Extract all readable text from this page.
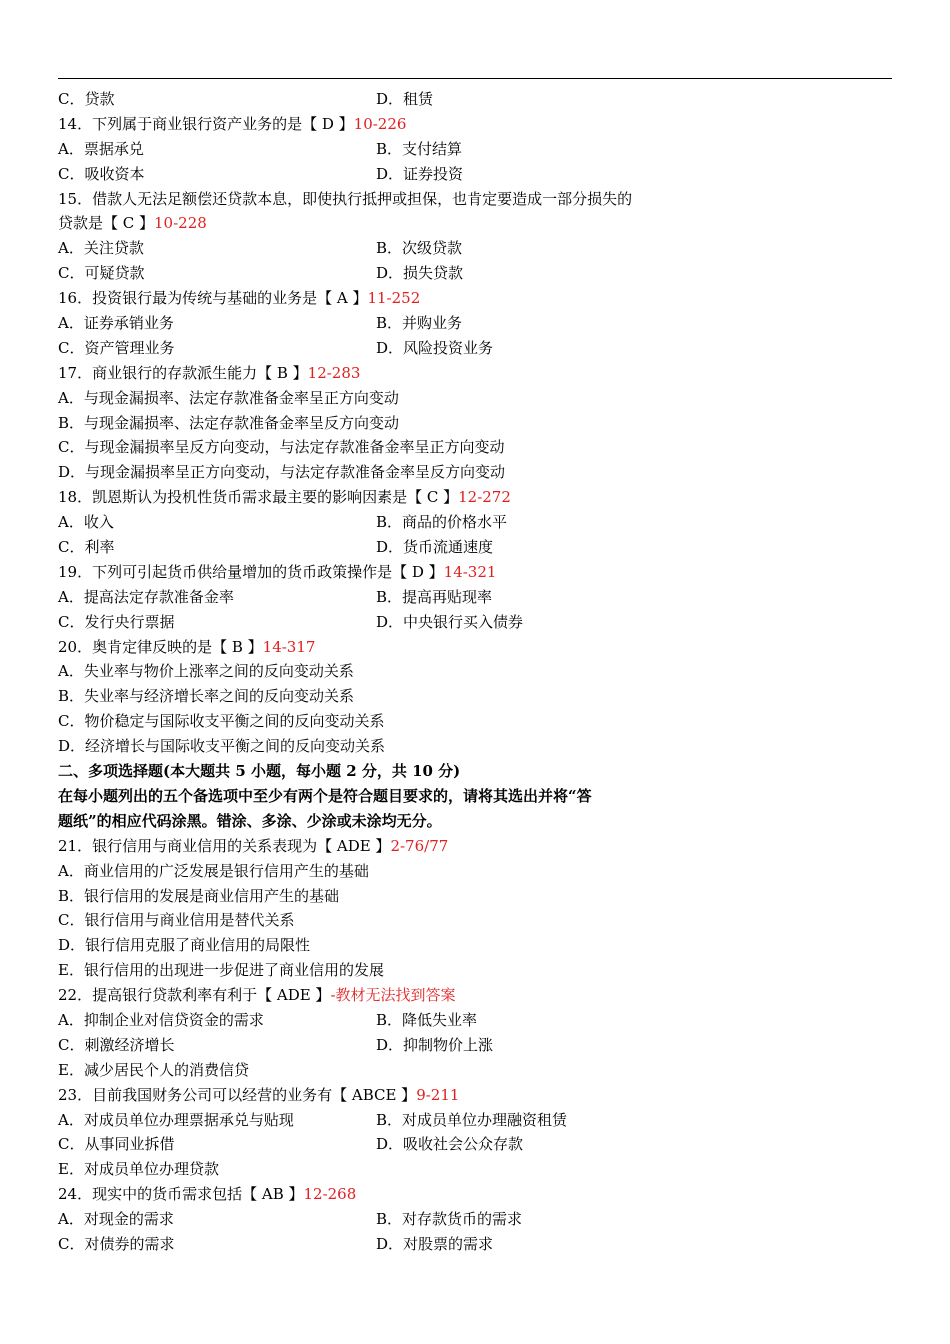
C．贷款	D．租赁
14．下列属于商业银行资产业务的是【 D 】10-226
A．票据承兑	B．支付结算
C．吸收资本	D．证券投资
15．借款人无法足额偿还贷款本息，即使执行抵押或担保，也肯定要造成一部分损失的
贷款是【 C 】10-228
A．关注贷款	B．次级贷款
C．可疑贷款	D．损失贷款
16．投资银行最为传统与基础的业务是【 A 】11-252
A．证券承销业务	B．并购业务
C．资产管理业务	D．风险投资业务
17．商业银行的存款派生能力【 B 】12-283
A．与现金漏损率、法定存款准备金率呈正方向变动
B．与现金漏损率、法定存款准备金率呈反方向变动
C．与现金漏损率呈反方向变动，与法定存款准备金率呈正方向变动
D．与现金漏损率呈正方向变动，与法定存款准备金率呈反方向变动
18．凯恩斯认为投机性货币需求最主要的影响因素是【 C 】12-272
A．收入	B．商品的价格水平
C．利率	D．货币流通速度
19．下列可引起货币供给量增加的货币政策操作是【 D 】14-321
A．提高法定存款准备金率	B．提高再贴现率
C．发行央行票据	D．中央银行买入债券
20．奥肯定律反映的是【 B 】14-317
A．失业率与物价上涨率之间的反向变动关系
B．失业率与经济增长率之间的反向变动关系
C．物价稳定与国际收支平衡之间的反向变动关系
D．经济增长与国际收支平衡之间的反向变动关系
二、多项选择题(本大题共 5 小题，每小题 2 分，共 10 分)
在每小题列出的五个备选项中至少有两个是符合题目要求的，请将其选出并将“答
题纸”的相应代码涂黑。错涂、多涂、少涂或未涂均无分。
21．银行信用与商业信用的关系表现为【 ADE 】2-76/77
A．商业信用的广泛发展是银行信用产生的基础
B．银行信用的发展是商业信用产生的基础
C．银行信用与商业信用是替代关系
D．银行信用克服了商业信用的局限性
E．银行信用的出现进一步促进了商业信用的发展
22．提高银行贷款利率有利于【 ADE 】-教材无法找到答案
A．抑制企业对信贷资金的需求	B．降低失业率
C．刺激经济增长	D．抑制物价上涨
E．减少居民个人的消费信贷
23．目前我国财务公司可以经营的业务有【 ABCE 】9-211
A．对成员单位办理票据承兑与贴现	B．对成员单位办理融资租赁
C．从事同业拆借	D．吸收社会公众存款
E．对成员单位办理贷款
24．现实中的货币需求包括【 AB 】12-268
A．对现金的需求	B．对存款货币的需求
C．对债券的需求	D．对股票的需求
